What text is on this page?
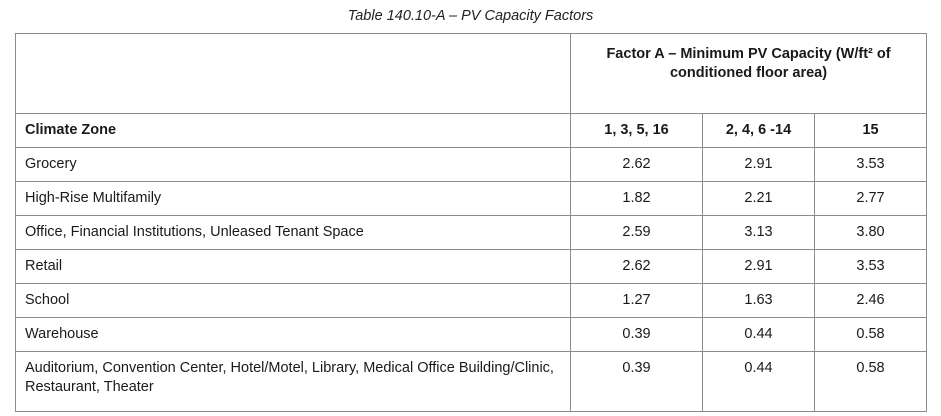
Table 140.10-A – PV Capacity Factors
	Factor A – Minimum PV Capacity (W/ft² of conditioned floor area)		
Climate Zone	1, 3, 5, 16	2, 4, 6 -14	15
Grocery	2.62	2.91	3.53
High-Rise Multifamily	1.82	2.21	2.77
Office, Financial Institutions, Unleased Tenant Space	2.59	3.13	3.80
Retail	2.62	2.91	3.53
School	1.27	1.63	2.46
Warehouse	0.39	0.44	0.58
Auditorium, Convention Center, Hotel/Motel, Library, Medical Office Building/Clinic, Restaurant, Theater	0.39	0.44	0.58
